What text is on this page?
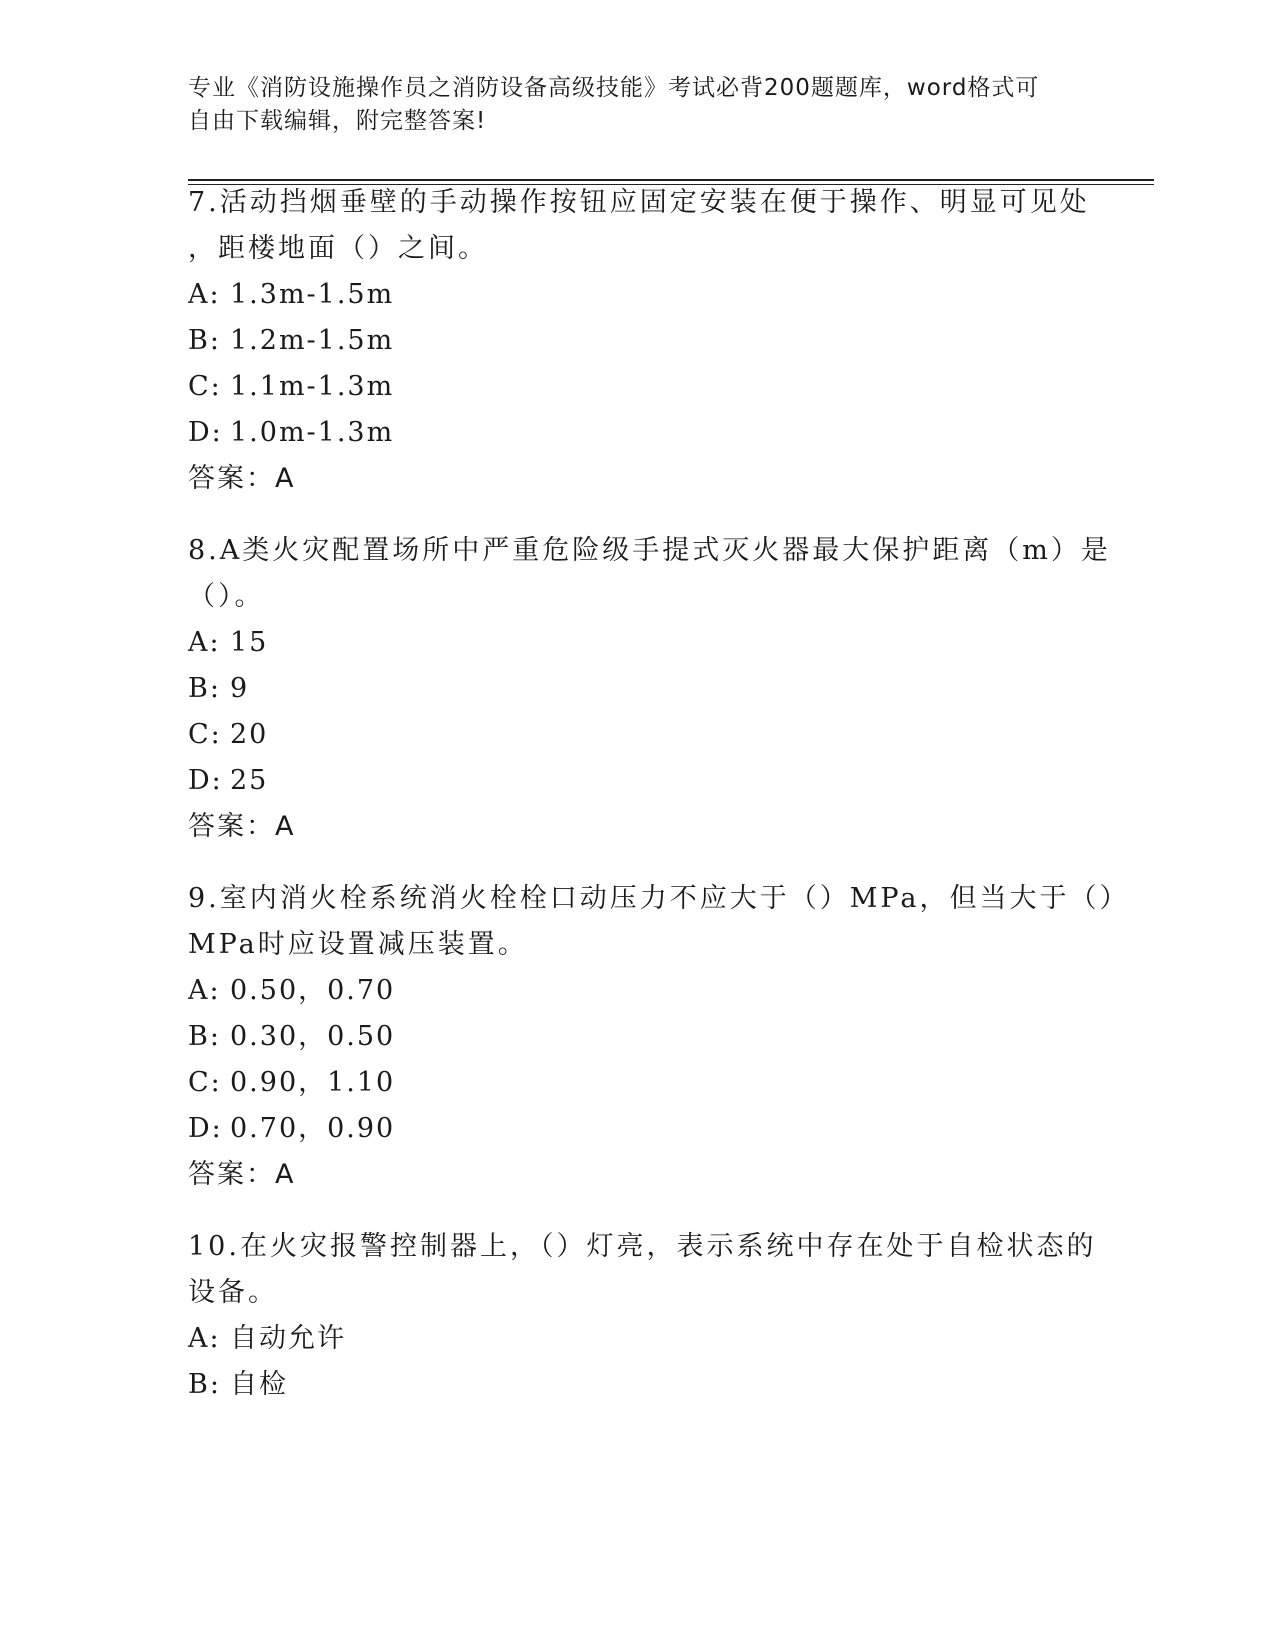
专业《消防设施操作员之消防设备高级技能》考试必背200题题库，word格式可
自由下载编辑，附完整答案!
7.活动挡烟垂壁的手动操作按钮应固定安装在便于操作、明显可见处
，距楼地面（）之间。
A: 1.3m-1.5m
B: 1.2m-1.5m
C: 1.1m-1.3m
D: 1.0m-1.3m
答案：A
8.A类火灾配置场所中严重危险级手提式灭火器最大保护距离（m）是
（）。
A: 15
B: 9
C: 20
D: 25
答案：A
9.室内消火栓系统消火栓栓口动压力不应大于（）MPa，但当大于（）
MPa时应设置减压装置。
A: 0.50，0.70
B: 0.30，0.50
C: 0.90，1.10
D: 0.70，0.90
答案：A
10.在火灾报警控制器上，（）灯亮，表示系统中存在处于自检状态的
设备。
A: 自动允许
B: 自检
